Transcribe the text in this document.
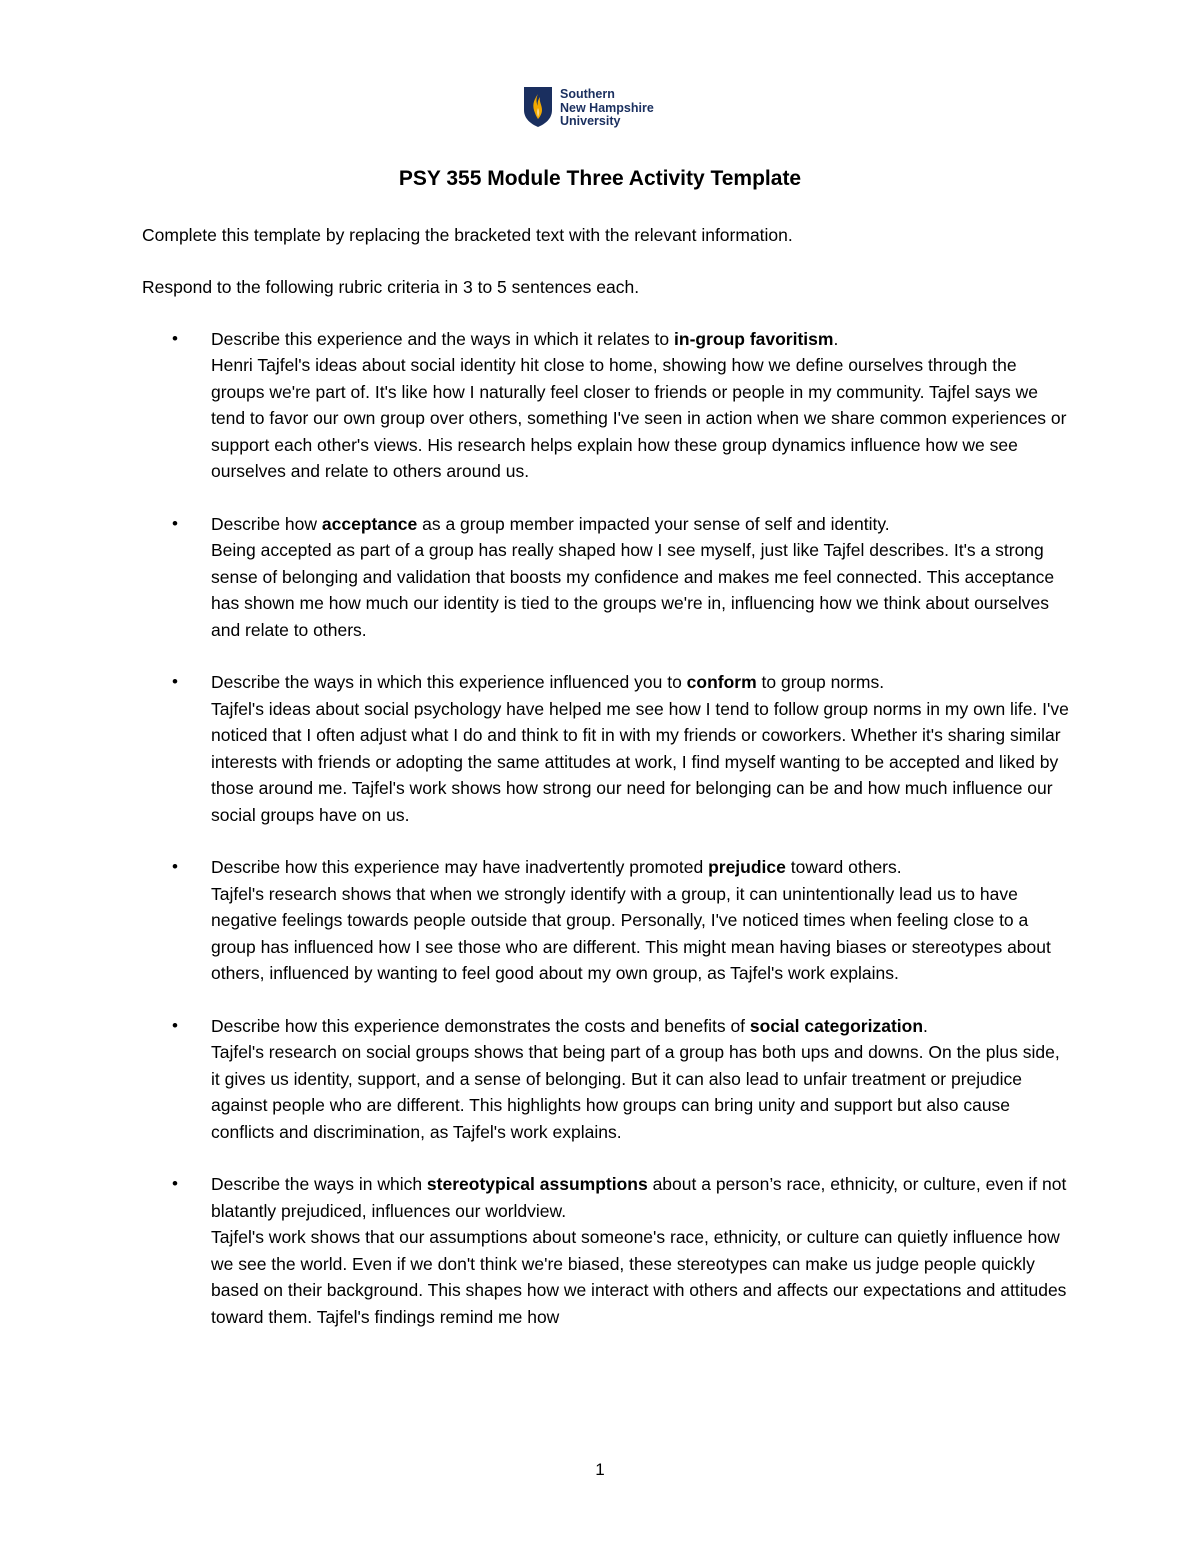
Southern
New Hampshire
University
PSY 355 Module Three Activity Template
Complete this template by replacing the bracketed text with the relevant information.
Respond to the following rubric criteria in 3 to 5 sentences each.
• Describe this experience and the ways in which it relates to in-group favoritism.
Henri Tajfel's ideas about social identity hit close to home, showing how we define ourselves through the groups we're part of. It's like how I naturally feel closer to friends or people in my community. Tajfel says we tend to favor our own group over others, something I've seen in action when we share common experiences or support each other's views. His research helps explain how these group dynamics influence how we see ourselves and relate to others around us.
• Describe how acceptance as a group member impacted your sense of self and identity.
Being accepted as part of a group has really shaped how I see myself, just like Tajfel describes. It's a strong sense of belonging and validation that boosts my confidence and makes me feel connected. This acceptance has shown me how much our identity is tied to the groups we're in, influencing how we think about ourselves and relate to others.
• Describe the ways in which this experience influenced you to conform to group norms.
Tajfel's ideas about social psychology have helped me see how I tend to follow group norms in my own life. I've noticed that I often adjust what I do and think to fit in with my friends or coworkers. Whether it's sharing similar interests with friends or adopting the same attitudes at work, I find myself wanting to be accepted and liked by those around me. Tajfel's work shows how strong our need for belonging can be and how much influence our social groups have on us.
• Describe how this experience may have inadvertently promoted prejudice toward others.
Tajfel's research shows that when we strongly identify with a group, it can unintentionally lead us to have negative feelings towards people outside that group. Personally, I've noticed times when feeling close to a group has influenced how I see those who are different. This might mean having biases or stereotypes about others, influenced by wanting to feel good about my own group, as Tajfel's work explains.
• Describe how this experience demonstrates the costs and benefits of social categorization.
Tajfel's research on social groups shows that being part of a group has both ups and downs. On the plus side, it gives us identity, support, and a sense of belonging. But it can also lead to unfair treatment or prejudice against people who are different. This highlights how groups can bring unity and support but also cause conflicts and discrimination, as Tajfel's work explains.
• Describe the ways in which stereotypical assumptions about a person’s race, ethnicity, or culture, even if not blatantly prejudiced, influences our worldview.
Tajfel's work shows that our assumptions about someone's race, ethnicity, or culture can quietly influence how we see the world. Even if we don't think we're biased, these stereotypes can make us judge people quickly based on their background. This shapes how we interact with others and affects our expectations and attitudes toward them. Tajfel's findings remind me how
1
